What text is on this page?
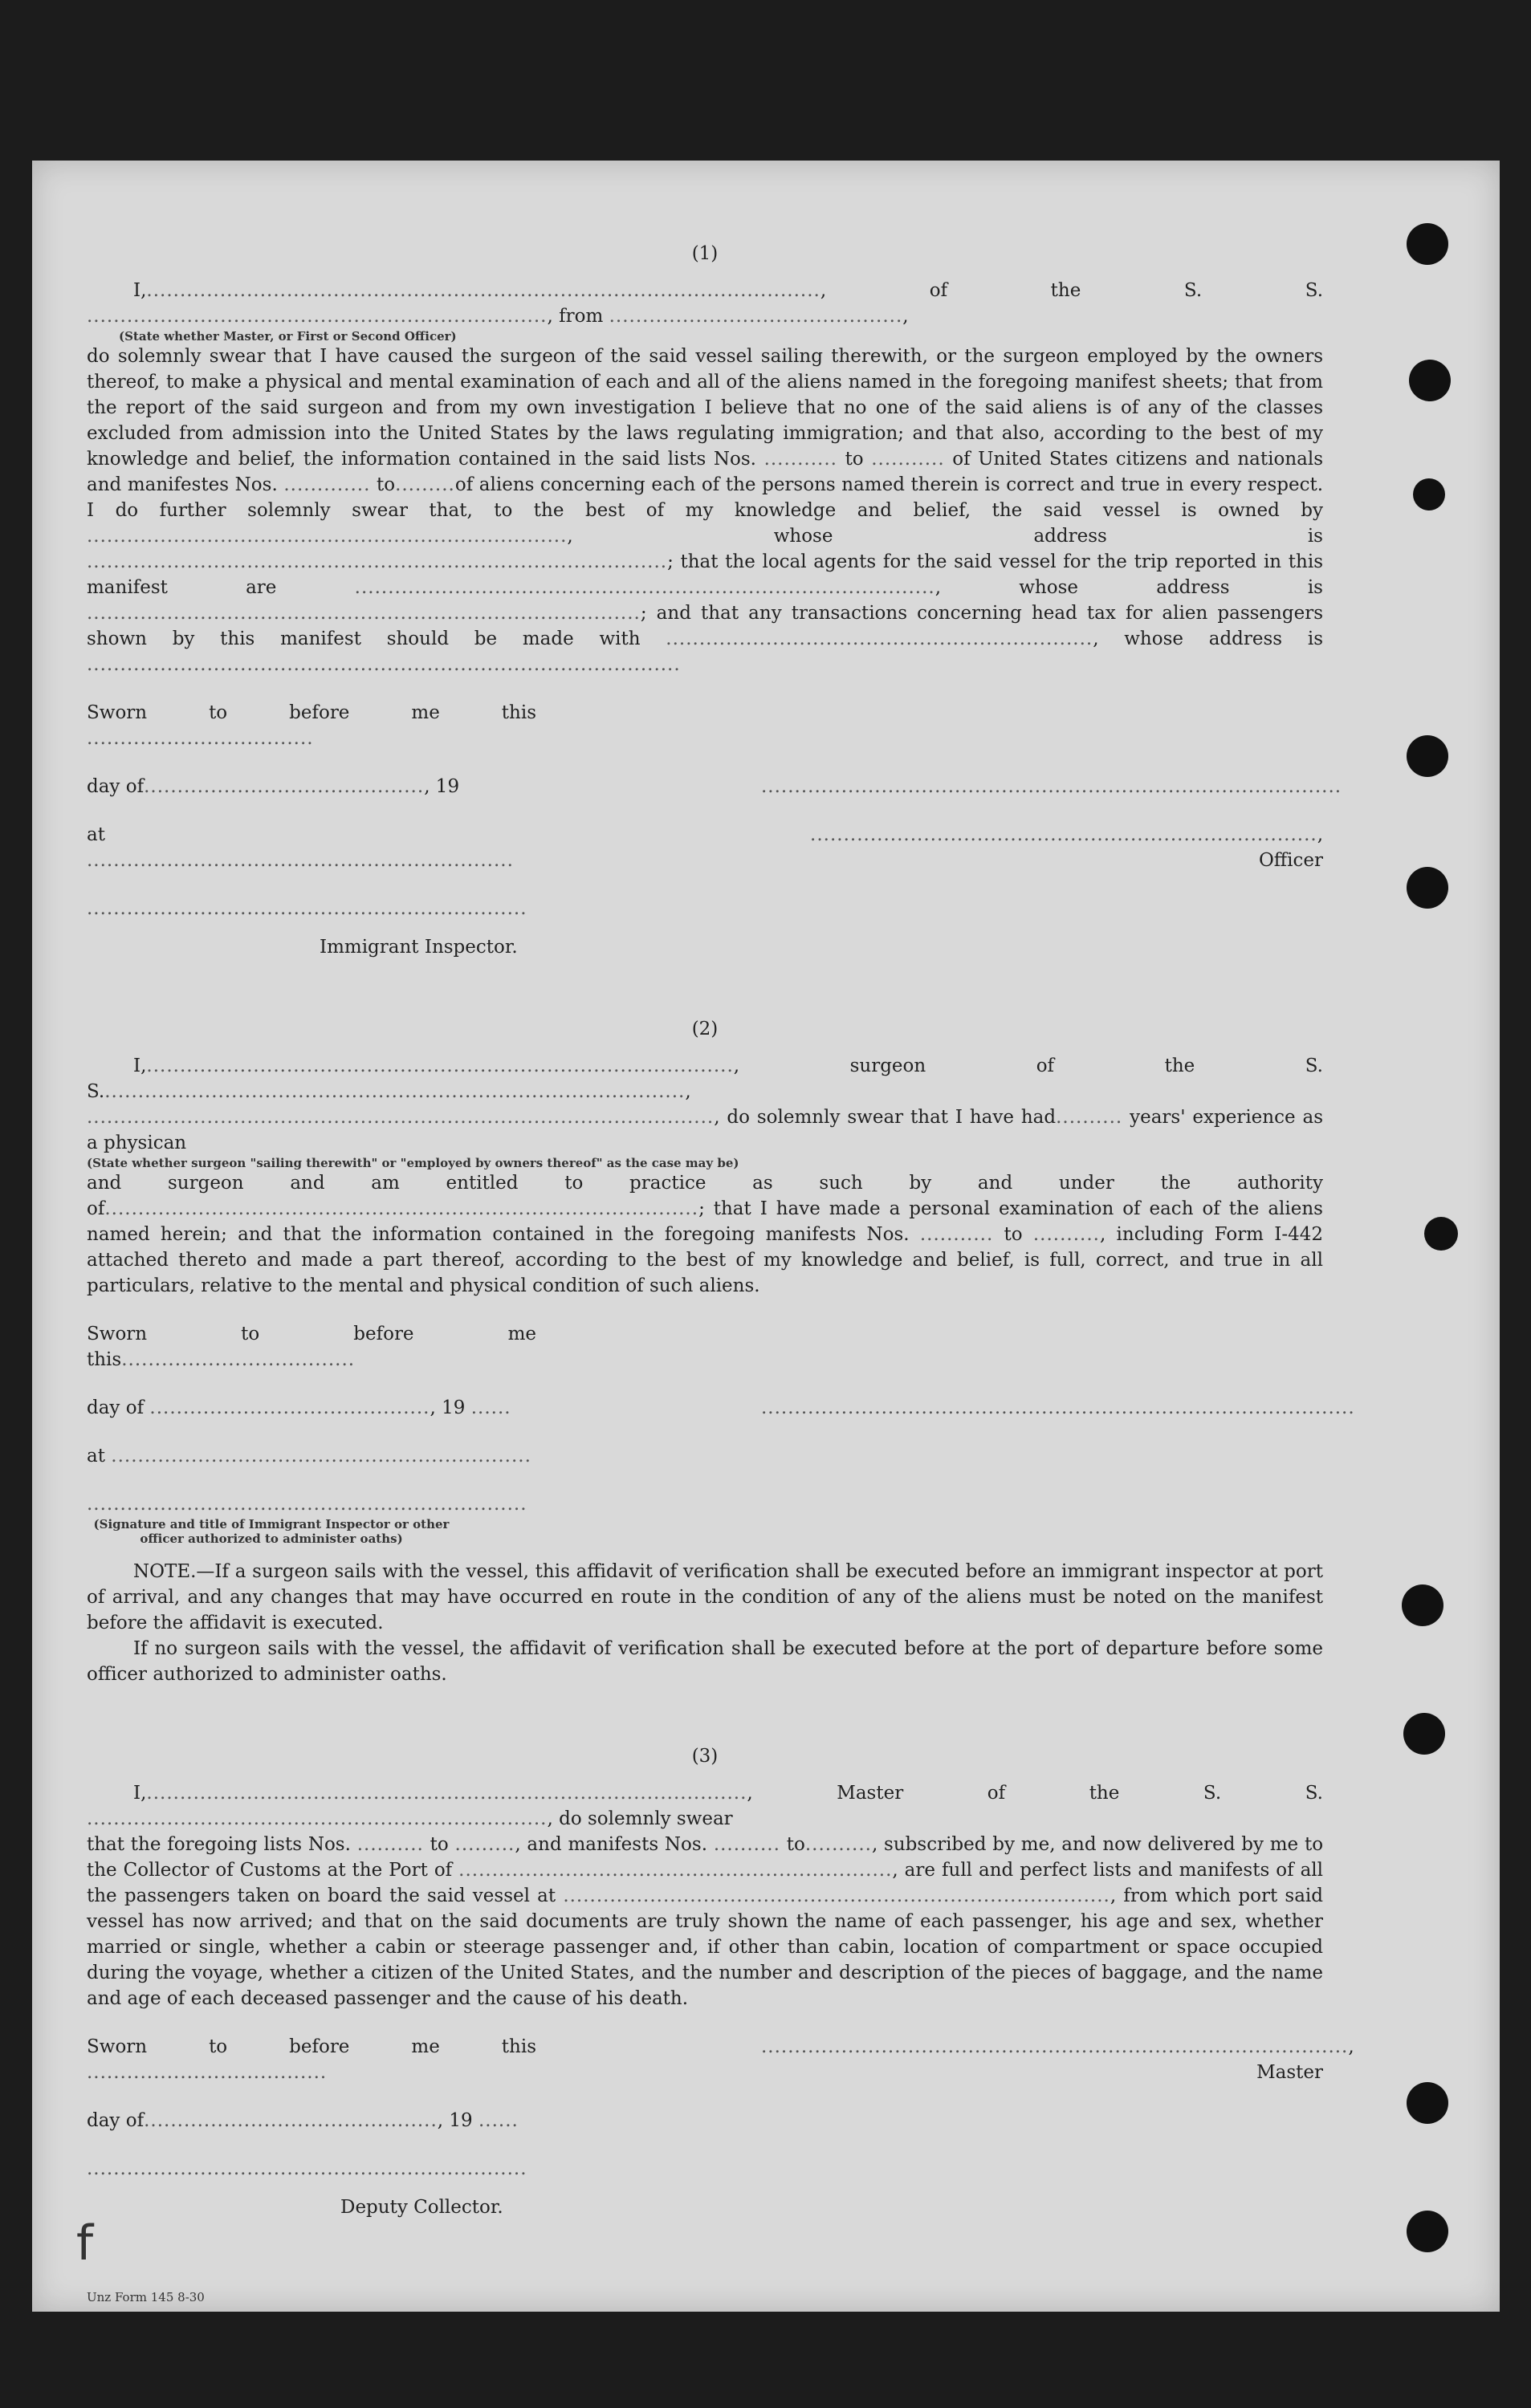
(1)

I,....................................................................................................., of the S. S. ....................................................................., from ............................................,

(State whether Master, or First or Second Officer)

do solemnly swear that I have caused the surgeon of the said vessel sailing therewith, or the surgeon employed by the owners thereof, to make a physical and mental examination of each and all of the aliens named in the foregoing manifest sheets; that from the report of the said surgeon and from my own investigation I believe that no one of the said aliens is of any of the classes excluded from admission into the United States by the laws regulating immigration; and that also, according to the best of my knowledge and belief, the information contained in the said lists Nos. ........... to ........... of United States citizens and nationals and manifestes Nos. ............. to.........of aliens concerning each of the persons named therein is correct and true in every respect. I do further solemnly swear that, to the best of my knowledge and belief, the said vessel is owned by ........................................................................, whose address is .......................................................................................; that the local agents for the said vessel for the trip reported in this manifest are	......................................................................................., whose address is ...................................................................................; and that any transactions concerning head tax for alien passengers shown by this manifest should be made with ................................................................, whose address is .........................................................................................

Sworn to before me this ..................................
day of.........................................., 19	.......................................................................................
at ................................................................
............................................................................, Officer
..................................................................

Immigrant Inspector.

(2)

I,........................................................................................, surgeon of the S. S........................................................................................,

.............................................................................................., do solemnly swear that I have had.......... years' experience as a physican

(State whether surgeon "sailing therewith" or "employed by owners thereof" as the case may be)

and surgeon and am entitled to practice as such by and under the authority of.........................................................................................; that I have made a personal examination of each of the aliens named herein; and that the information contained in the foregoing manifests Nos. ........... to .........., including Form I-442 attached thereto and made a part thereof, according to the best of my knowledge and belief, is full, correct, and true in all particulars, relative to the mental and physical condition of such aliens.

Sworn to before me this...................................
day of .........................................., 19 ......	.........................................................................................
at ...............................................................
..................................................................

(Signature and title of Immigrant Inspector or other officer authorized to administer oaths)

NOTE.—If a surgeon sails with the vessel, this affidavit of verification shall be executed before an immigrant inspector at port of arrival, and any changes that may have occurred en route in the condition of any of the aliens must be noted on the manifest before the affidavit is executed.

If no surgeon sails with the vessel, the affidavit of verification shall be executed before at the port of departure before some officer authorized to administer oaths.

(3)

I,.........................................................................................., Master of the S. S. ....................................................................., do solemnly swear

that the foregoing lists Nos. .......... to ........., and manifests Nos. .......... to.........., subscribed by me, and now delivered by me to the Collector of Customs at the Port of ................................................................., are full and perfect lists and manifests of all the passengers taken on board the said vessel at .................................................................................., from which port said vessel has now arrived; and that on the said documents are truly shown the name of each passenger, his age and sex, whether married or single, whether a cabin or steerage passenger and, if other than cabin, location of compartment or space occupied during the voyage, whether a citizen of the United States, and the number and description of the pieces of baggage, and the name and age of each deceased passenger and the cause of his death.

Sworn to before me this ....................................
........................................................................................, Master
day of............................................, 19 ......
..................................................................

Deputy Collector.

Unz Form 145 8-30

f
